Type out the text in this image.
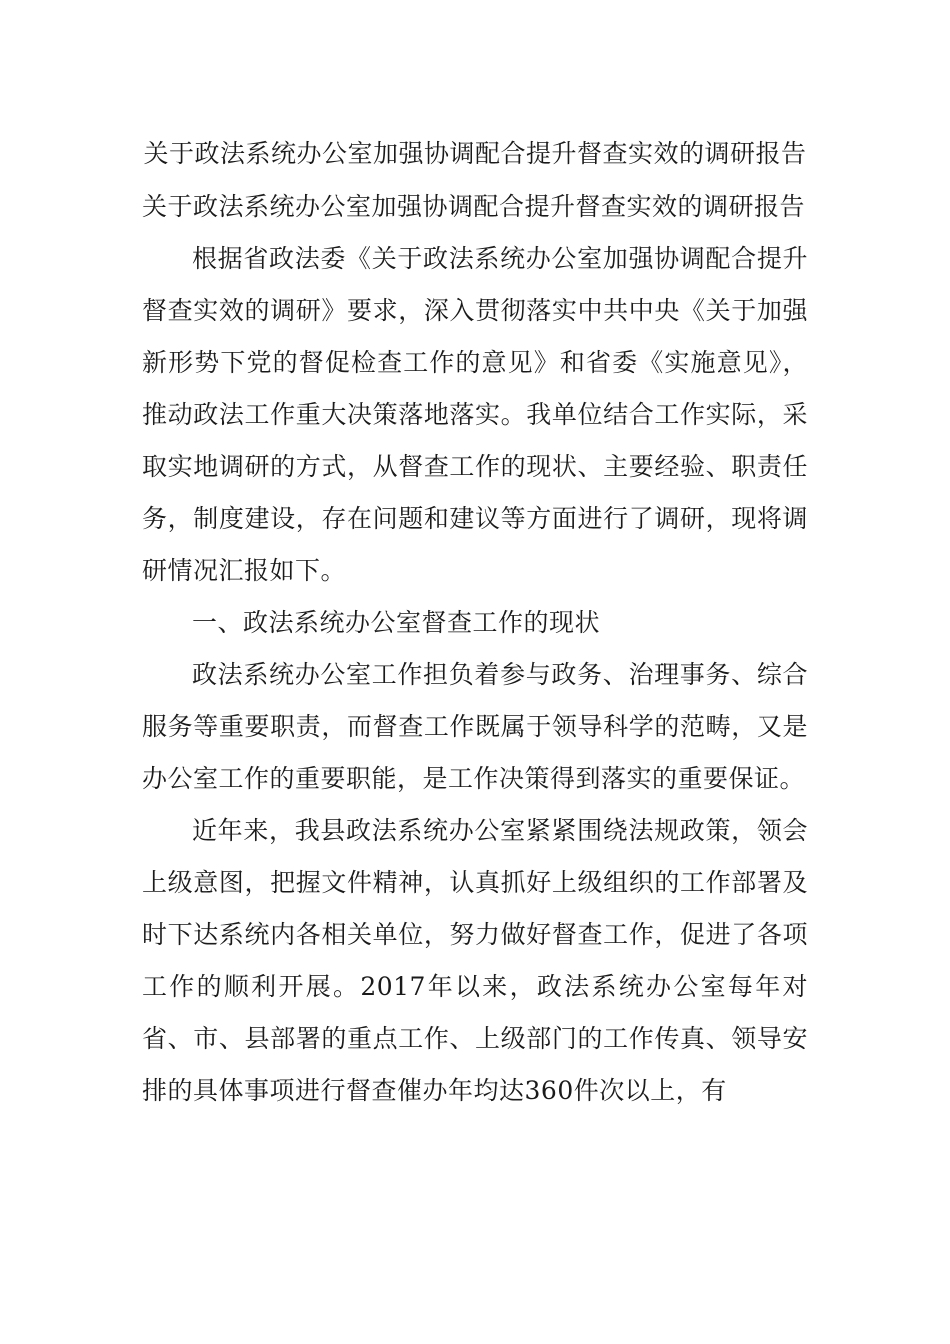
关于政法系统办公室加强协调配合提升督查实效的调研报告

关于政法系统办公室加强协调配合提升督查实效的调研报告

根据省政法委《关于政法系统办公室加强协调配合提升督查实效的调研》要求，深入贯彻落实中共中央《关于加强新形势下党的督促检查工作的意见》和省委《实施意见》，推动政法工作重大决策落地落实。我单位结合工作实际，采取实地调研的方式，从督查工作的现状、主要经验、职责任务，制度建设，存在问题和建议等方面进行了调研，现将调研情况汇报如下。

一、政法系统办公室督查工作的现状

政法系统办公室工作担负着参与政务、治理事务、综合服务等重要职责，而督查工作既属于领导科学的范畴，又是办公室工作的重要职能，是工作决策得到落实的重要保证。

近年来，我县政法系统办公室紧紧围绕法规政策，领会上级意图，把握文件精神，认真抓好上级组织的工作部署及时下达系统内各相关单位，努力做好督查工作，促进了各项工作的顺利开展。2017年以来，政法系统办公室每年对省、市、县部署的重点工作、上级部门的工作传真、领导安排的具体事项进行督查催办年均达360件次以上，有
